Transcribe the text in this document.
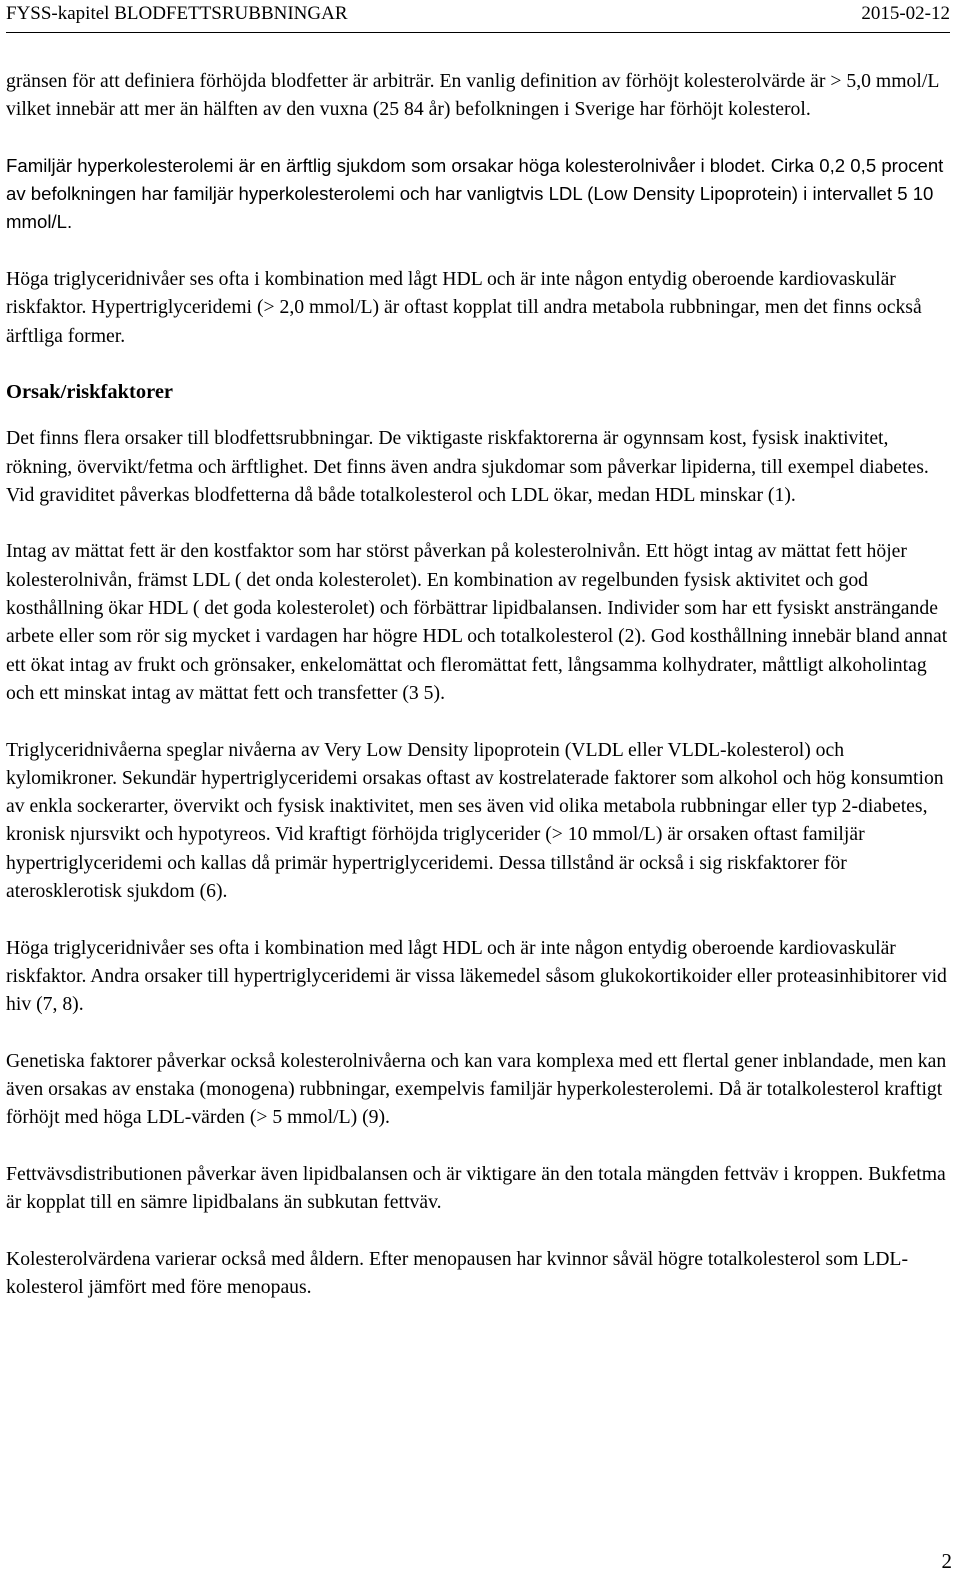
FYSS-kapitel BLODFETTSRUBBNINGAR	2015-02-12

gränsen för att definiera förhöjda blodfetter är arbiträr. En vanlig definition av förhöjt kolesterolvärde är > 5,0 mmol/L vilket innebär att mer än hälften av den vuxna (25 84 år) befolkningen i Sverige har förhöjt kolesterol.

Familjär hyperkolesterolemi är en ärftlig sjukdom som orsakar höga kolesterolnivåer i blodet. Cirka 0,2 0,5 procent av befolkningen har familjär hyperkolesterolemi och har vanligtvis LDL (Low Density Lipoprotein) i intervallet 5 10 mmol/L.

Höga triglyceridnivåer ses ofta i kombination med lågt HDL och är inte någon entydig oberoende kardiovaskulär riskfaktor. Hypertriglyceridemi (> 2,0 mmol/L) är oftast kopplat till andra metabola rubbningar, men det finns också ärftliga former.

Orsak/riskfaktorer

Det finns flera orsaker till blodfettsrubbningar. De viktigaste riskfaktorerna är ogynnsam kost, fysisk inaktivitet, rökning, övervikt/fetma och ärftlighet. Det finns även andra sjukdomar som påverkar lipiderna, till exempel diabetes. Vid graviditet påverkas blodfetterna då både totalkolesterol och LDL ökar, medan HDL minskar (1).

Intag av mättat fett är den kostfaktor som har störst påverkan på kolesterolnivån. Ett högt intag av mättat fett höjer kolesterolnivån, främst LDL ( det onda kolesterolet). En kombination av regelbunden fysisk aktivitet och god kosthållning ökar HDL ( det goda kolesterolet) och förbättrar lipidbalansen. Individer som har ett fysiskt ansträngande arbete eller som rör sig mycket i vardagen har högre HDL och totalkolesterol (2). God kosthållning innebär bland annat ett ökat intag av frukt och grönsaker, enkelomättat och fleromättat fett, långsamma kolhydrater, måttligt alkoholintag och ett minskat intag av mättat fett och transfetter (3 5).

Triglyceridnivåerna speglar nivåerna av Very Low Density lipoprotein (VLDL eller VLDL-kolesterol) och kylomikroner. Sekundär hypertriglyceridemi orsakas oftast av kostrelaterade faktorer som alkohol och hög konsumtion av enkla sockerarter, övervikt och fysisk inaktivitet, men ses även vid olika metabola rubbningar eller typ 2-diabetes, kronisk njursvikt och hypotyreos. Vid kraftigt förhöjda triglycerider (> 10 mmol/L) är orsaken oftast familjär hypertriglyceridemi och kallas då primär hypertriglyceridemi. Dessa tillstånd är också i sig riskfaktorer för aterosklerotisk sjukdom (6).

Höga triglyceridnivåer ses ofta i kombination med lågt HDL och är inte någon entydig oberoende kardiovaskulär riskfaktor. Andra orsaker till hypertriglyceridemi är vissa läkemedel såsom glukokortikoider eller proteasinhibitorer vid hiv (7, 8).

Genetiska faktorer påverkar också kolesterolnivåerna och kan vara komplexa med ett flertal gener inblandade, men kan även orsakas av enstaka (monogena) rubbningar, exempelvis familjär hyperkolesterolemi. Då är totalkolesterol kraftigt förhöjt med höga LDL-värden (> 5 mmol/L) (9).

Fettvävsdistributionen påverkar även lipidbalansen och är viktigare än den totala mängden fettväv i kroppen. Bukfetma är kopplat till en sämre lipidbalans än subkutan fettväv.

Kolesterolvärdena varierar också med åldern. Efter menopausen har kvinnor såväl högre totalkolesterol som LDL-kolesterol jämfört med före menopaus.

2
